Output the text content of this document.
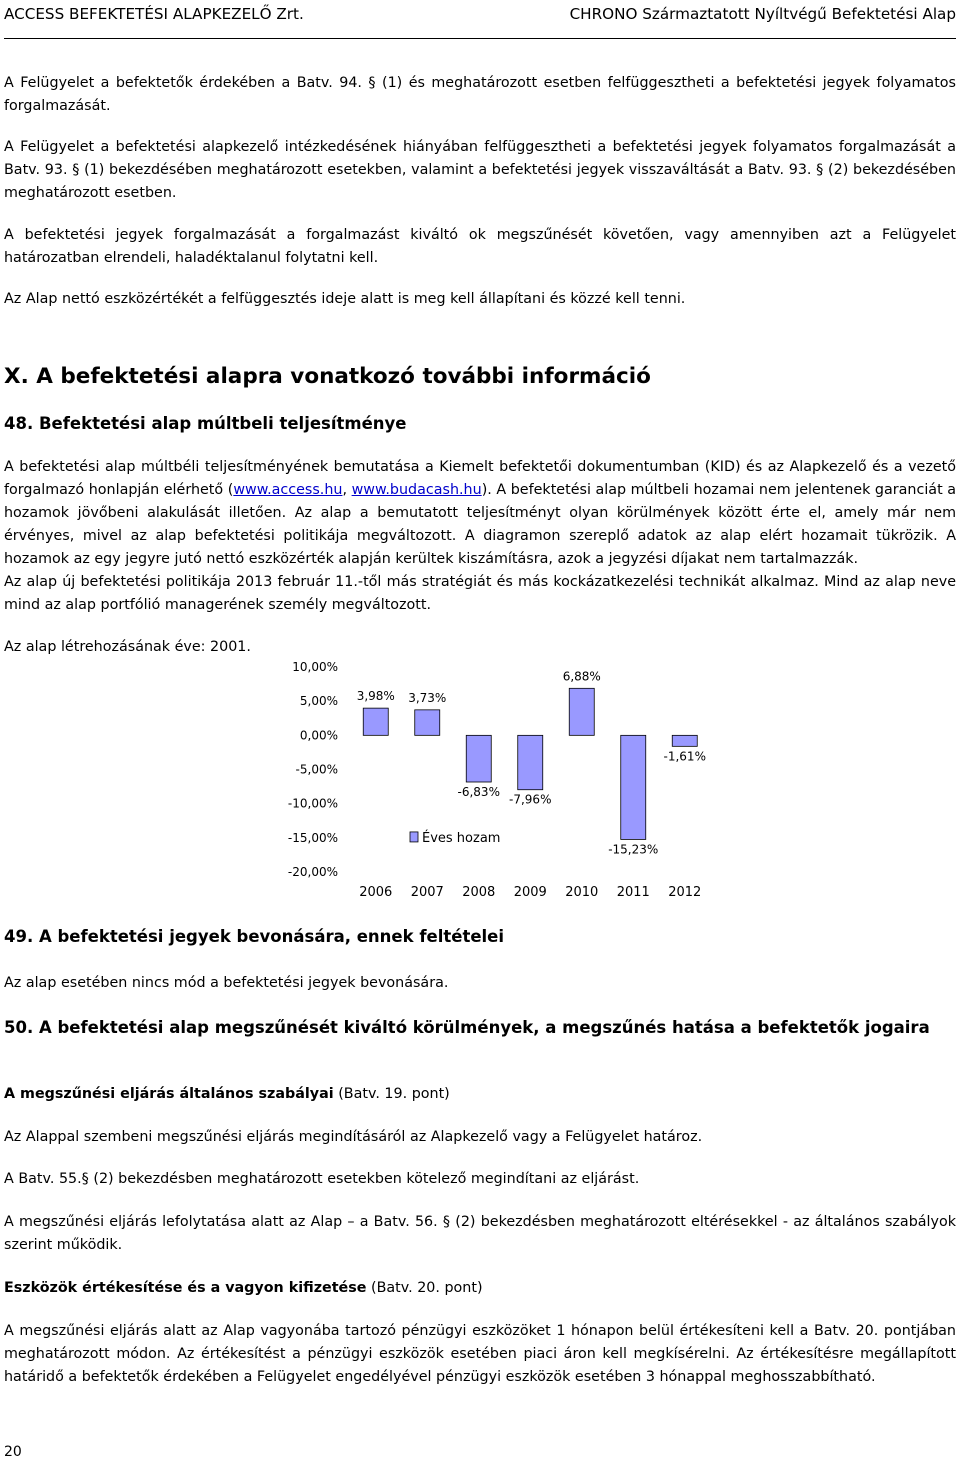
ACCESS BEFEKTETÉSI ALAPKEZELŐ Zrt.	CHRONO Származtatott Nyíltvégű Befektetési Alap

A Felügyelet a befektetők érdekében a Batv. 94. § (1) és meghatározott esetben felfüggesztheti a befektetési jegyek folyamatos forgalmazását.

A Felügyelet a befektetési alapkezelő intézkedésének hiányában felfüggesztheti a befektetési jegyek folyamatos forgalmazását a Batv. 93. § (1) bekezdésében meghatározott esetekben, valamint a befektetési jegyek visszaváltását a Batv. 93. § (2) bekezdésében meghatározott esetben.

A befektetési jegyek forgalmazását a forgalmazást kiváltó ok megszűnését követően, vagy amennyiben azt a Felügyelet határozatban elrendeli, haladéktalanul folytatni kell.

Az Alap nettó eszközértékét a felfüggesztés ideje alatt is meg kell állapítani és közzé kell tenni.

X. A befektetési alapra vonatkozó további információ
48. Befektetési alap múltbeli teljesítménye

A befektetési alap múltbéli teljesítményének bemutatása a Kiemelt befektetői dokumentumban (KID) és az Alapkezelő és a vezető forgalmazó honlapján elérhető (www.access.hu, www.budacash.hu). A befektetési alap múltbeli hozamai nem jelentenek garanciát a hozamok jövőbeni alakulását illetően. Az alap a bemutatott teljesítményt olyan körülmények között érte el, amely már nem érvényes, mivel az alap befektetési politikája megváltozott. A diagramon szereplő adatok az alap elért hozamait tükrözik. A hozamok az egy jegyre jutó nettó eszközérték alapján kerültek kiszámításra, azok a jegyzési díjakat nem tartalmazzák.

Az alap új befektetési politikája 2013 február 11.-től más stratégiát és más kockázatkezelési technikát alkalmaz. Mind az alap neve mind az alap portfólió managerének személy megváltozott.

Az alap létrehozásának éve: 2001.

10,00%
5,00%
0,00%
-5,00%
-10,00%
-15,00%
-20,00%
3,98%
2006
3,73%
2007
-6,83%
2008
-7,96%
2009
6,88%
2010
-15,23%
2011
-1,61%
2012
Éves hozam
49. A befektetési jegyek bevonására, ennek feltételei

Az alap esetében nincs mód a befektetési jegyek bevonására.

50. A befektetési alap megszűnését kiváltó körülmények, a megszűnés hatása a befektetők jogaira

A megszűnési eljárás általános szabályai (Batv. 19. pont)

Az Alappal szembeni megszűnési eljárás megindításáról az Alapkezelő vagy a Felügyelet határoz.

A Batv. 55.§ (2) bekezdésben meghatározott esetekben kötelező megindítani az eljárást.

A megszűnési eljárás lefolytatása alatt az Alap – a Batv. 56. § (2) bekezdésben meghatározott eltérésekkel - az általános szabályok szerint működik.

Eszközök értékesítése és a vagyon kifizetése (Batv. 20. pont)

A megszűnési eljárás alatt az Alap vagyonába tartozó pénzügyi eszközöket 1 hónapon belül értékesíteni kell a Batv. 20. pontjában meghatározott módon. Az értékesítést a pénzügyi eszközök esetében piaci áron kell megkísérelni. Az értékesítésre megállapított határidő a befektetők érdekében a Felügyelet engedélyével pénzügyi eszközök esetében 3 hónappal meghosszabbítható.

20
